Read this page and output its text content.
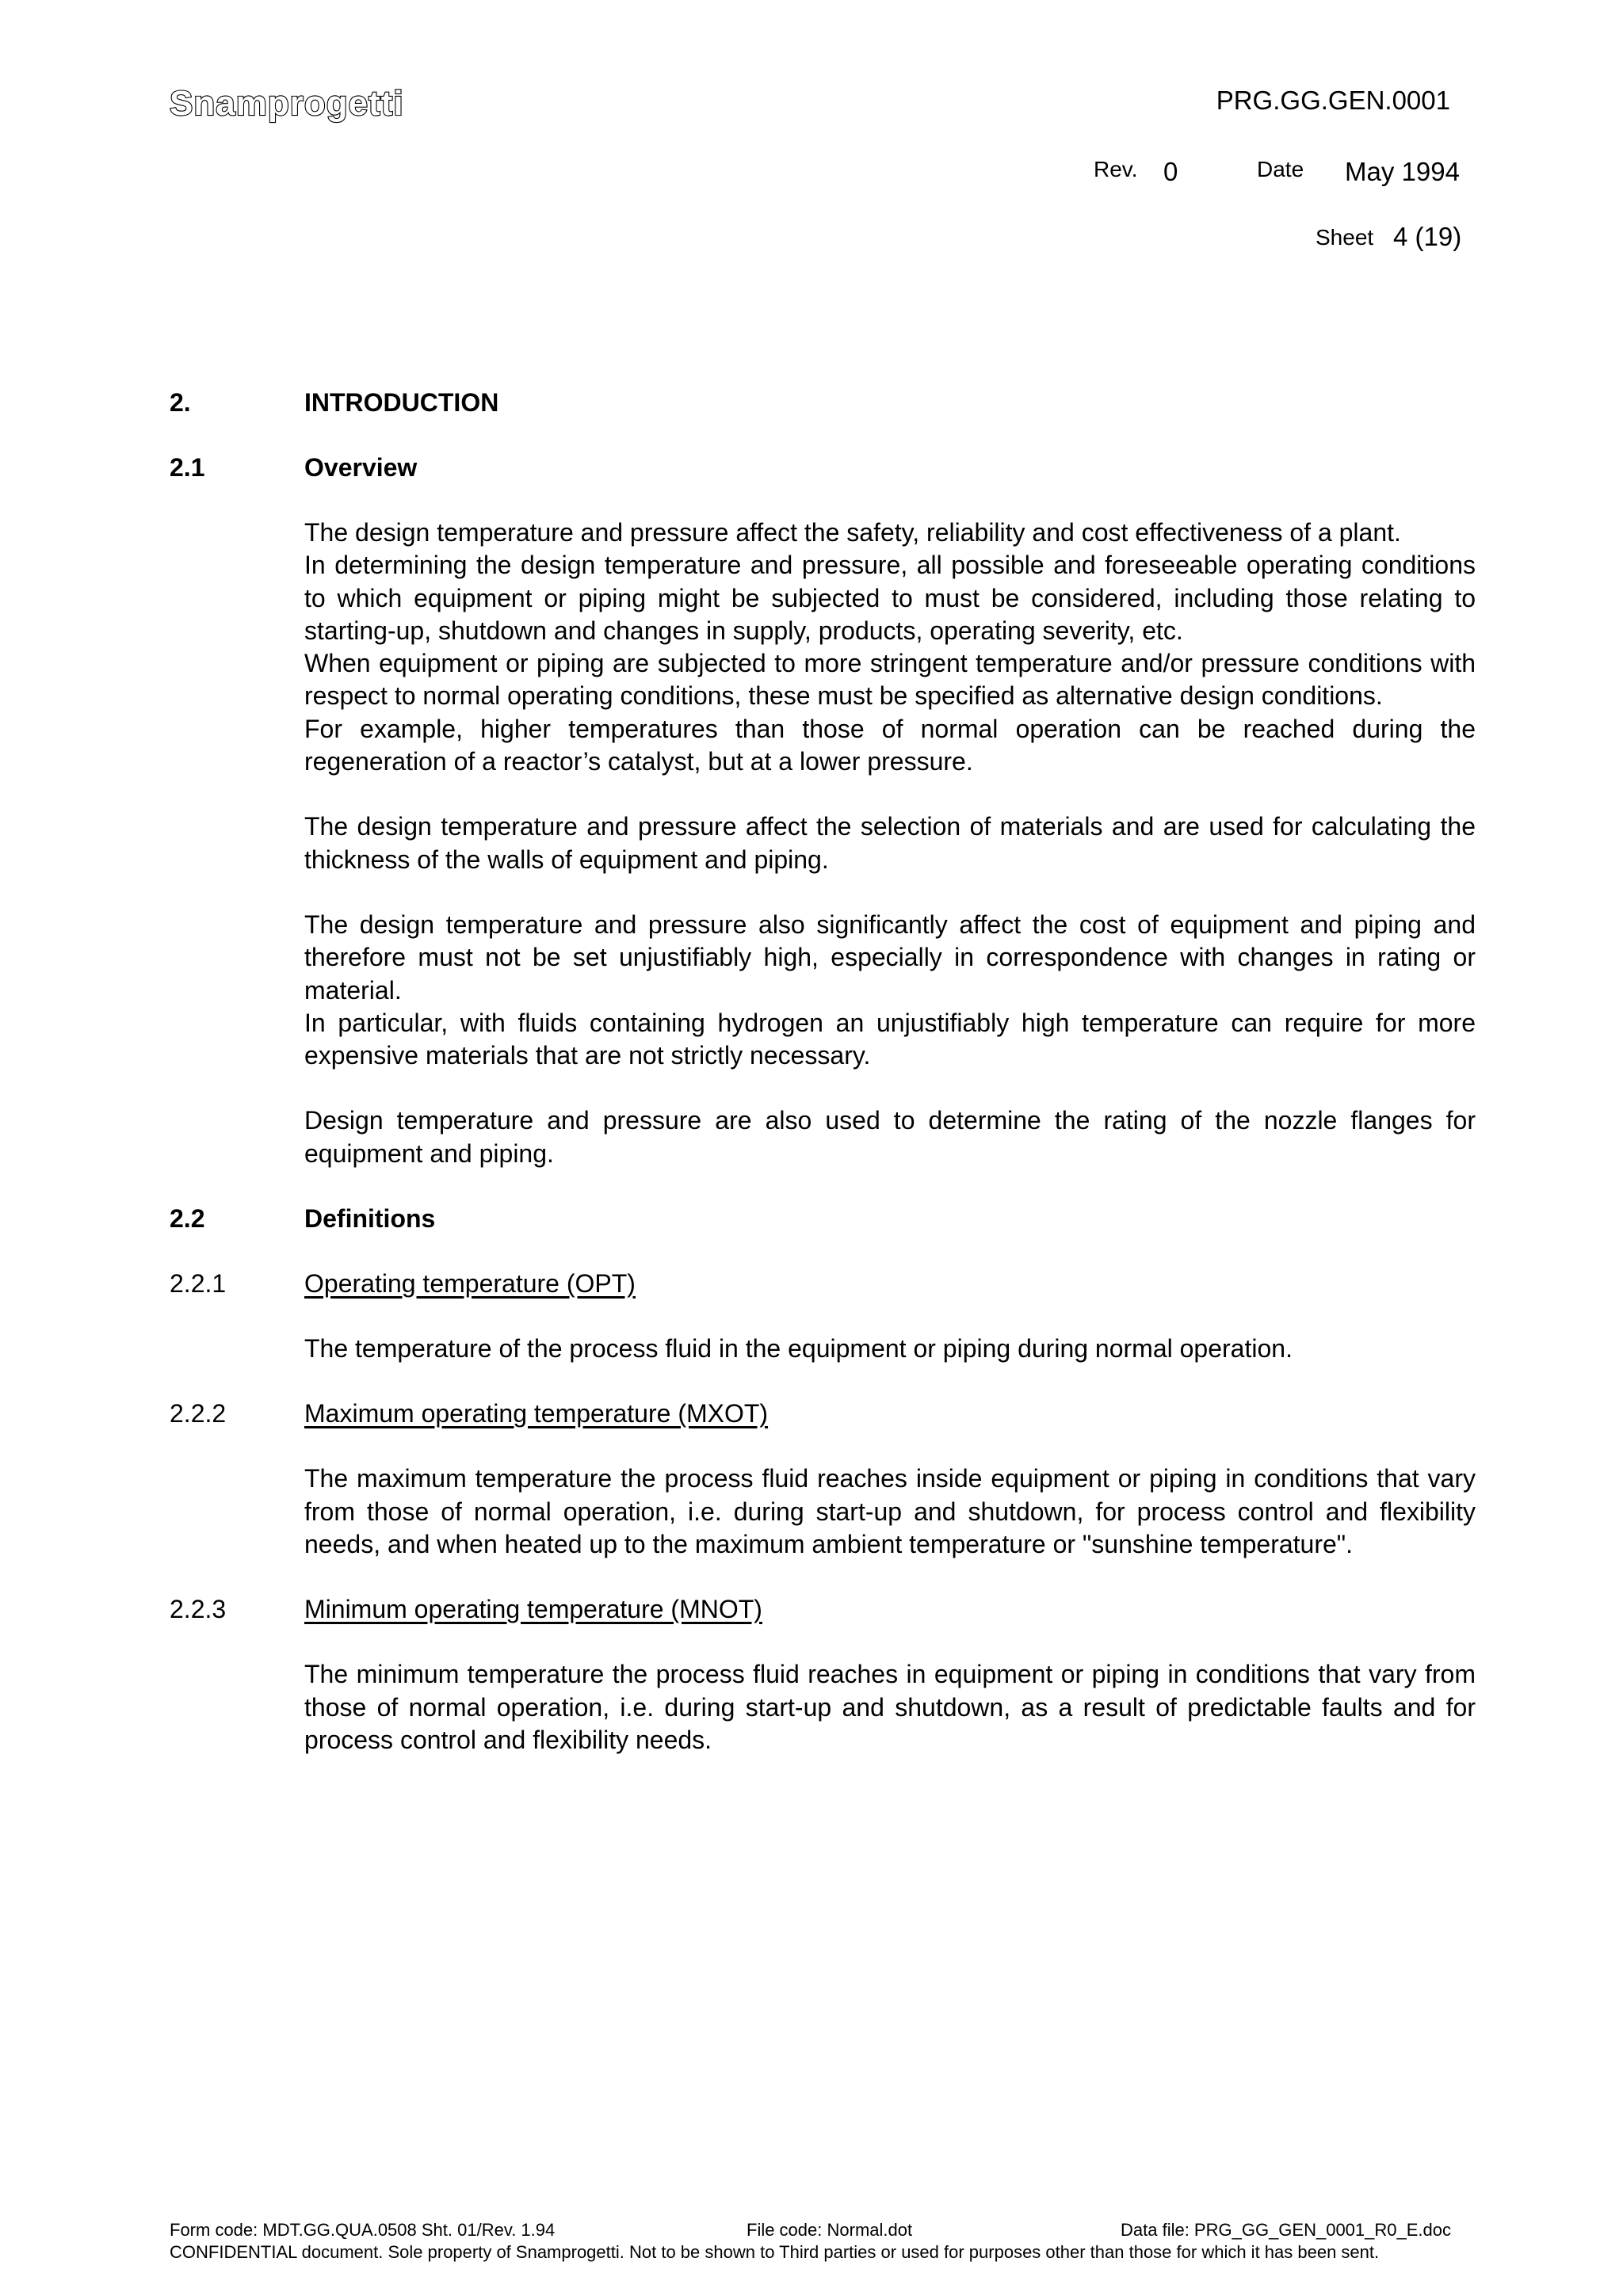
Snamprogetti	PRG.GG.GEN.0001
Rev. 0	Date May 1994
Sheet 4 (19)
2.	INTRODUCTION
2.1	Overview

The design temperature and pressure affect the safety, reliability and cost effectiveness of a plant.

In determining the design temperature and pressure, all possible and foreseeable operating conditions to which equipment or piping might be subjected to must be considered, including those relating to starting-up, shutdown and changes in supply, products, operating severity, etc.

When equipment or piping are subjected to more stringent temperature and/or pressure conditions with respect to normal operating conditions, these must be specified as alternative design conditions.

For example, higher temperatures than those of normal operation can be reached during the regeneration of a reactor’s catalyst, but at a lower pressure.

The design temperature and pressure affect the selection of materials and are used for calculating the thickness of the walls of equipment and piping.

The design temperature and pressure also significantly affect the cost of equipment and piping and therefore must not be set unjustifiably high, especially in correspondence with changes in rating or material.

In particular, with fluids containing hydrogen an unjustifiably high temperature can require for more expensive materials that are not strictly necessary.

Design temperature and pressure are also used to determine the rating of the nozzle flanges for equipment and piping.

2.2	Definitions
2.2.1	Operating temperature (OPT)

The temperature of the process fluid in the equipment or piping during normal operation.

2.2.2	Maximum operating temperature (MXOT)

The maximum temperature the process fluid reaches inside equipment or piping in conditions that vary from those of normal operation, i.e. during start-up and shutdown, for process control and flexibility needs, and when heated up to the maximum ambient temperature or "sunshine temperature".

2.2.3	Minimum operating temperature (MNOT)

The minimum temperature the process fluid reaches in equipment or piping in conditions that vary from those of normal operation, i.e. during start-up and shutdown, as a result of predictable faults and for process control and flexibility needs.

Form code: MDT.GG.QUA.0508 Sht. 01/Rev. 1.94	File code: Normal.dot	Data file: PRG_GG_GEN_0001_R0_E.doc
CONFIDENTIAL document. Sole property of Snamprogetti. Not to be shown to Third parties or used for purposes other than those for which it has been sent.
